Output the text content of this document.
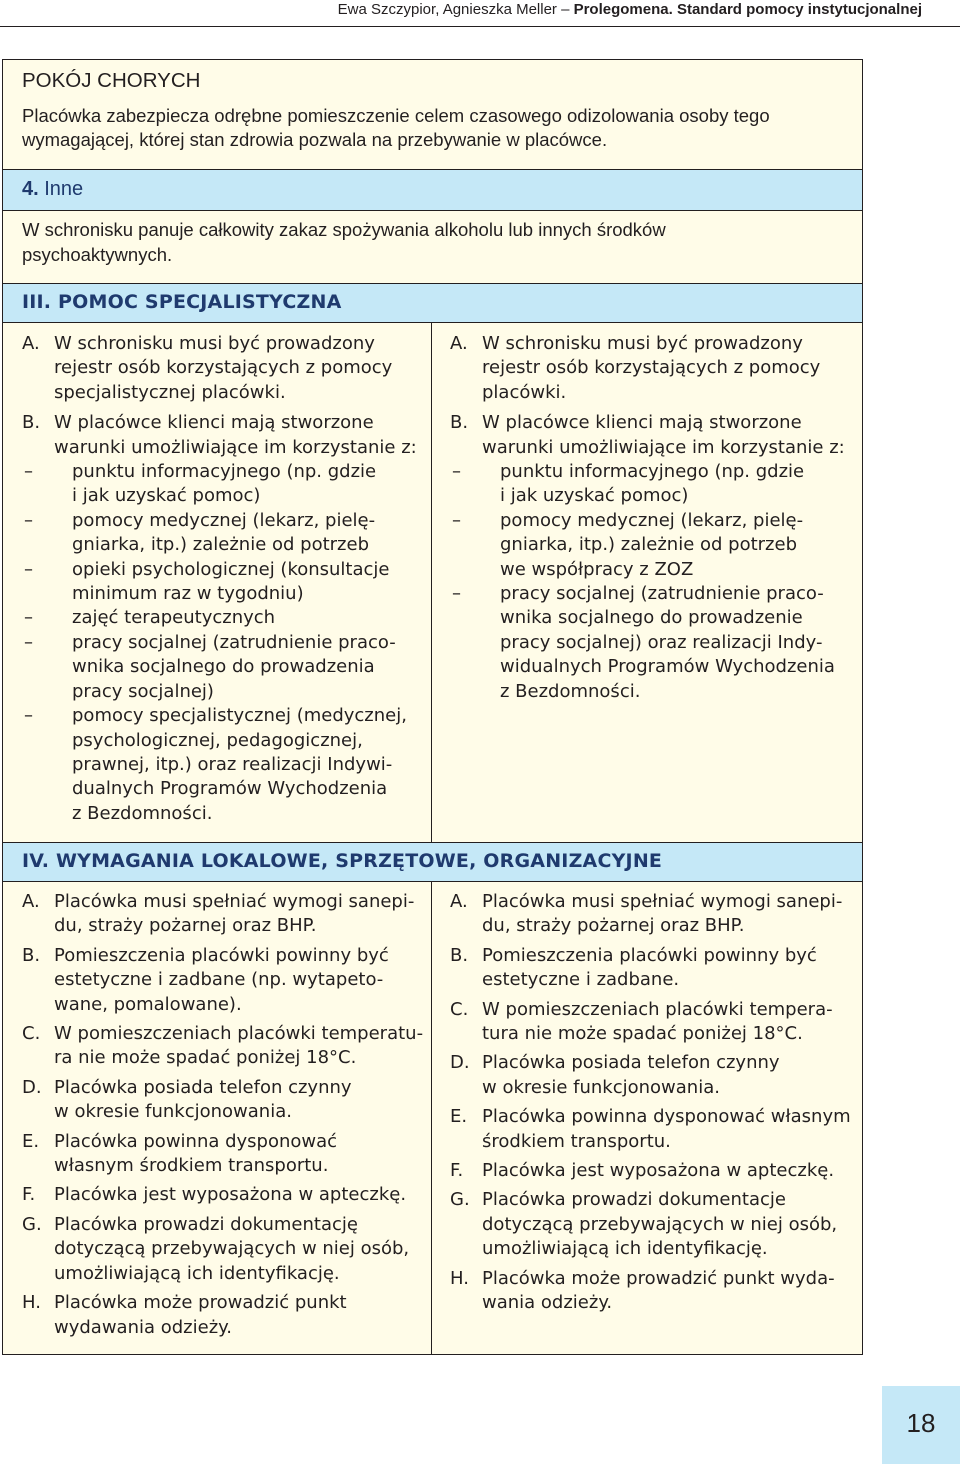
Ewa Szczypior, Agnieszka Meller – Prolegomena. Standard pomocy instytucjonalnej
POKÓJ CHORYCH
Placówka zabezpiecza odrębne pomieszczenie celem czasowego odizolowania osoby tego
wymagającej, której stan zdrowia pozwala na przebywanie w placówce.
4. Inne
W schronisku panuje całkowity zakaz spożywania alkoholu lub innych środków
psychoaktywnych.
III. POMOC SPECJALISTYCZNA
A. W schronisku musi być prowadzony
rejestr osób korzystających z pomocy
specjalistycznej placówki.
B. W placówce klienci mają stworzone
warunki umożliwiające im korzystanie z:
– punktu informacyjnego (np. gdzie
i jak uzyskać pomoc)
– pomocy medycznej (lekarz, pielę-
gniarka, itp.) zależnie od potrzeb
– opieki psychologicznej (konsultacje
minimum raz w tygodniu)
– zajęć terapeutycznych
– pracy socjalnej (zatrudnienie praco-
wnika socjalnego do prowadzenia
pracy socjalnej)
– pomocy specjalistycznej (medycznej,
psychologicznej, pedagogicznej,
prawnej, itp.) oraz realizacji Indywi-
dualnych Programów Wychodzenia
z Bezdomności.
A. W schronisku musi być prowadzony
rejestr osób korzystających z pomocy
placówki.
B. W placówce klienci mają stworzone
warunki umożliwiające im korzystanie z:
– punktu informacyjnego (np. gdzie
i jak uzyskać pomoc)
– pomocy medycznej (lekarz, pielę-
gniarka, itp.) zależnie od potrzeb
we współpracy z ZOZ
– pracy socjalnej (zatrudnienie praco-
wnika socjalnego do prowadzenie
pracy socjalnej) oraz realizacji Indy-
widualnych Programów Wychodzenia
z Bezdomności.
IV. WYMAGANIA LOKALOWE, SPRZĘTOWE, ORGANIZACYJNE
A. Placówka musi spełniać wymogi sanepi-
du, straży pożarnej oraz BHP.
B. Pomieszczenia placówki powinny być
estetyczne i zadbane (np. wytapeto-
wane, pomalowane).
C. W pomieszczeniach placówki temperatu-
ra nie może spadać poniżej 18°C.
D. Placówka posiada telefon czynny
w okresie funkcjonowania.
E. Placówka powinna dysponować
własnym środkiem transportu.
F. Placówka jest wyposażona w apteczkę.
G. Placówka prowadzi dokumentację
dotyczącą przebywających w niej osób,
umożliwiającą ich identyfikację.
H. Placówka może prowadzić punkt
wydawania odzieży.
A. Placówka musi spełniać wymogi sanepi-
du, straży pożarnej oraz BHP.
B. Pomieszczenia placówki powinny być
estetyczne i zadbane.
C. W pomieszczeniach placówki tempera-
tura nie może spadać poniżej 18°C.
D. Placówka posiada telefon czynny
w okresie funkcjonowania.
E. Placówka powinna dysponować własnym
środkiem transportu.
F. Placówka jest wyposażona w apteczkę.
G. Placówka prowadzi dokumentacje
dotyczącą przebywających w niej osób,
umożliwiającą ich identyfikację.
H. Placówka może prowadzić punkt wyda-
wania odzieży.
18
